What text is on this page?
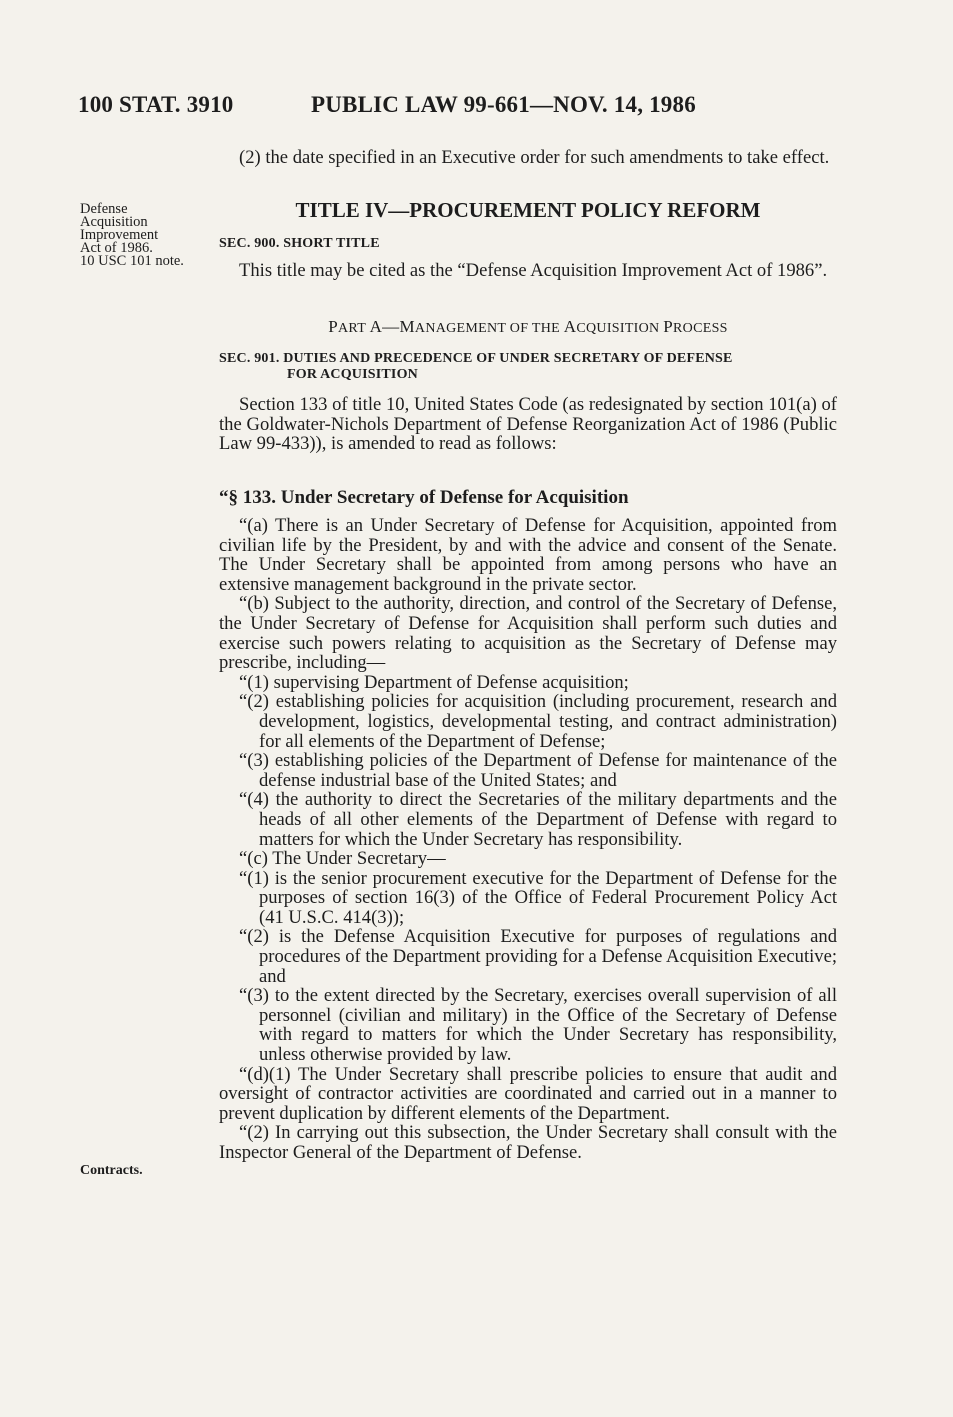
100 STAT. 3910	PUBLIC LAW 99-661—NOV. 14, 1986
Defense
Acquisition
Improvement
Act of 1986.
10 USC 101 note.
Contracts.

(2) the date specified in an Executive order for such amendments to take effect.

TITLE IV—PROCUREMENT POLICY REFORM
SEC. 900. SHORT TITLE

This title may be cited as the “Defense Acquisition Improvement Act of 1986”.

PART A—MANAGEMENT OF THE ACQUISITION PROCESS
SEC. 901. DUTIES AND PRECEDENCE OF UNDER SECRETARY OF DEFENSE
FOR ACQUISITION

Section 133 of title 10, United States Code (as redesignated by section 101(a) of the Goldwater-Nichols Department of Defense Reorganization Act of 1986 (Public Law 99-433)), is amended to read as follows:

“§ 133. Under Secretary of Defense for Acquisition

“(a) There is an Under Secretary of Defense for Acquisition, appointed from civilian life by the President, by and with the advice and consent of the Senate. The Under Secretary shall be appointed from among persons who have an extensive management background in the private sector.

“(b) Subject to the authority, direction, and control of the Secretary of Defense, the Under Secretary of Defense for Acquisition shall perform such duties and exercise such powers relating to acquisition as the Secretary of Defense may prescribe, including—

“(1) supervising Department of Defense acquisition;

“(2) establishing policies for acquisition (including procurement, research and development, logistics, developmental testing, and contract administration) for all elements of the Department of Defense;

“(3) establishing policies of the Department of Defense for maintenance of the defense industrial base of the United States; and

“(4) the authority to direct the Secretaries of the military departments and the heads of all other elements of the Department of Defense with regard to matters for which the Under Secretary has responsibility.

“(c) The Under Secretary—

“(1) is the senior procurement executive for the Department of Defense for the purposes of section 16(3) of the Office of Federal Procurement Policy Act (41 U.S.C. 414(3));

“(2) is the Defense Acquisition Executive for purposes of regulations and procedures of the Department providing for a Defense Acquisition Executive; and

“(3) to the extent directed by the Secretary, exercises overall supervision of all personnel (civilian and military) in the Office of the Secretary of Defense with regard to matters for which the Under Secretary has responsibility, unless otherwise provided by law.

“(d)(1) The Under Secretary shall prescribe policies to ensure that audit and oversight of contractor activities are coordinated and carried out in a manner to prevent duplication by different elements of the Department.

“(2) In carrying out this subsection, the Under Secretary shall consult with the Inspector General of the Department of Defense.
